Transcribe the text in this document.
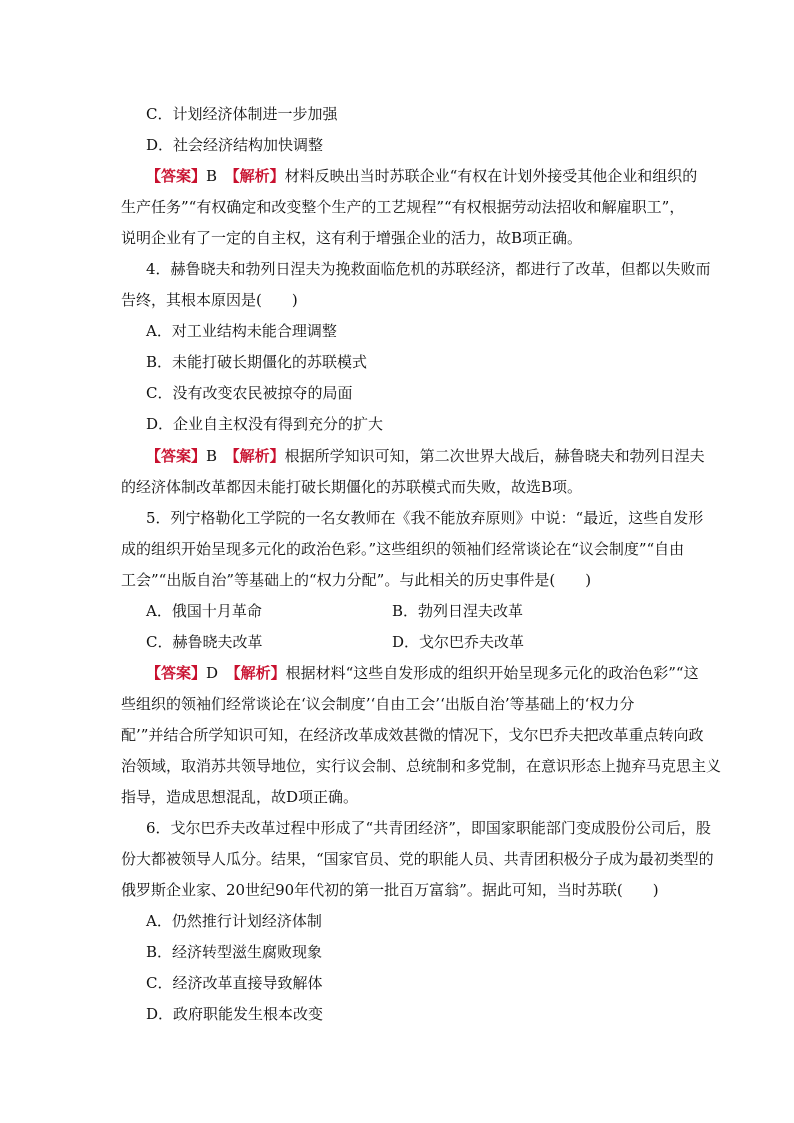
C．计划经济体制进一步加强
D．社会经济结构加快调整
【答案】B　 【解析】材料反映出当时苏联企业“有权在计划外接受其他企业和组织的
生产任务”“有权确定和改变整个生产的工艺规程”“有权根据劳动法招收和解雇职工”，
说明企业有了一定的自主权，这有利于增强企业的活力，故B项正确。
4．赫鲁晓夫和勃列日涅夫为挽救面临危机的苏联经济，都进行了改革，但都以失败而
告终，其根本原因是(　　)
A．对工业结构未能合理调整
B．未能打破长期僵化的苏联模式
C．没有改变农民被掠夺的局面
D．企业自主权没有得到充分的扩大
【答案】B　 【解析】根据所学知识可知，第二次世界大战后，赫鲁晓夫和勃列日涅夫
的经济体制改革都因未能打破长期僵化的苏联模式而失败，故选B项。
5．列宁格勒化工学院的一名女教师在《我不能放弃原则》中说：“最近，这些自发形
成的组织开始呈现多元化的政治色彩。”这些组织的领袖们经常谈论在“议会制度”“自由
工会”“出版自治”等基础上的“权力分配”。与此相关的历史事件是(　　)
A．俄国十月革命	B．勃列日涅夫改革
C．赫鲁晓夫改革	D．戈尔巴乔夫改革
【答案】D　 【解析】根据材料“这些自发形成的组织开始呈现多元化的政治色彩”“这
些组织的领袖们经常谈论在‘议会制度’‘自由工会’‘出版自治’等基础上的‘权力分
配’”并结合所学知识可知，在经济改革成效甚微的情况下，戈尔巴乔夫把改革重点转向政
治领域，取消苏共领导地位，实行议会制、总统制和多党制，在意识形态上抛弃马克思主义
指导，造成思想混乱，故D项正确。
6．戈尔巴乔夫改革过程中形成了“共青团经济”，即国家职能部门变成股份公司后，股
份大都被领导人瓜分。结果，“国家官员、党的职能人员、共青团积极分子成为最初类型的
俄罗斯企业家、20世纪90年代初的第一批百万富翁”。据此可知，当时苏联(　　)
A．仍然推行计划经济体制
B．经济转型滋生腐败现象
C．经济改革直接导致解体
D．政府职能发生根本改变
